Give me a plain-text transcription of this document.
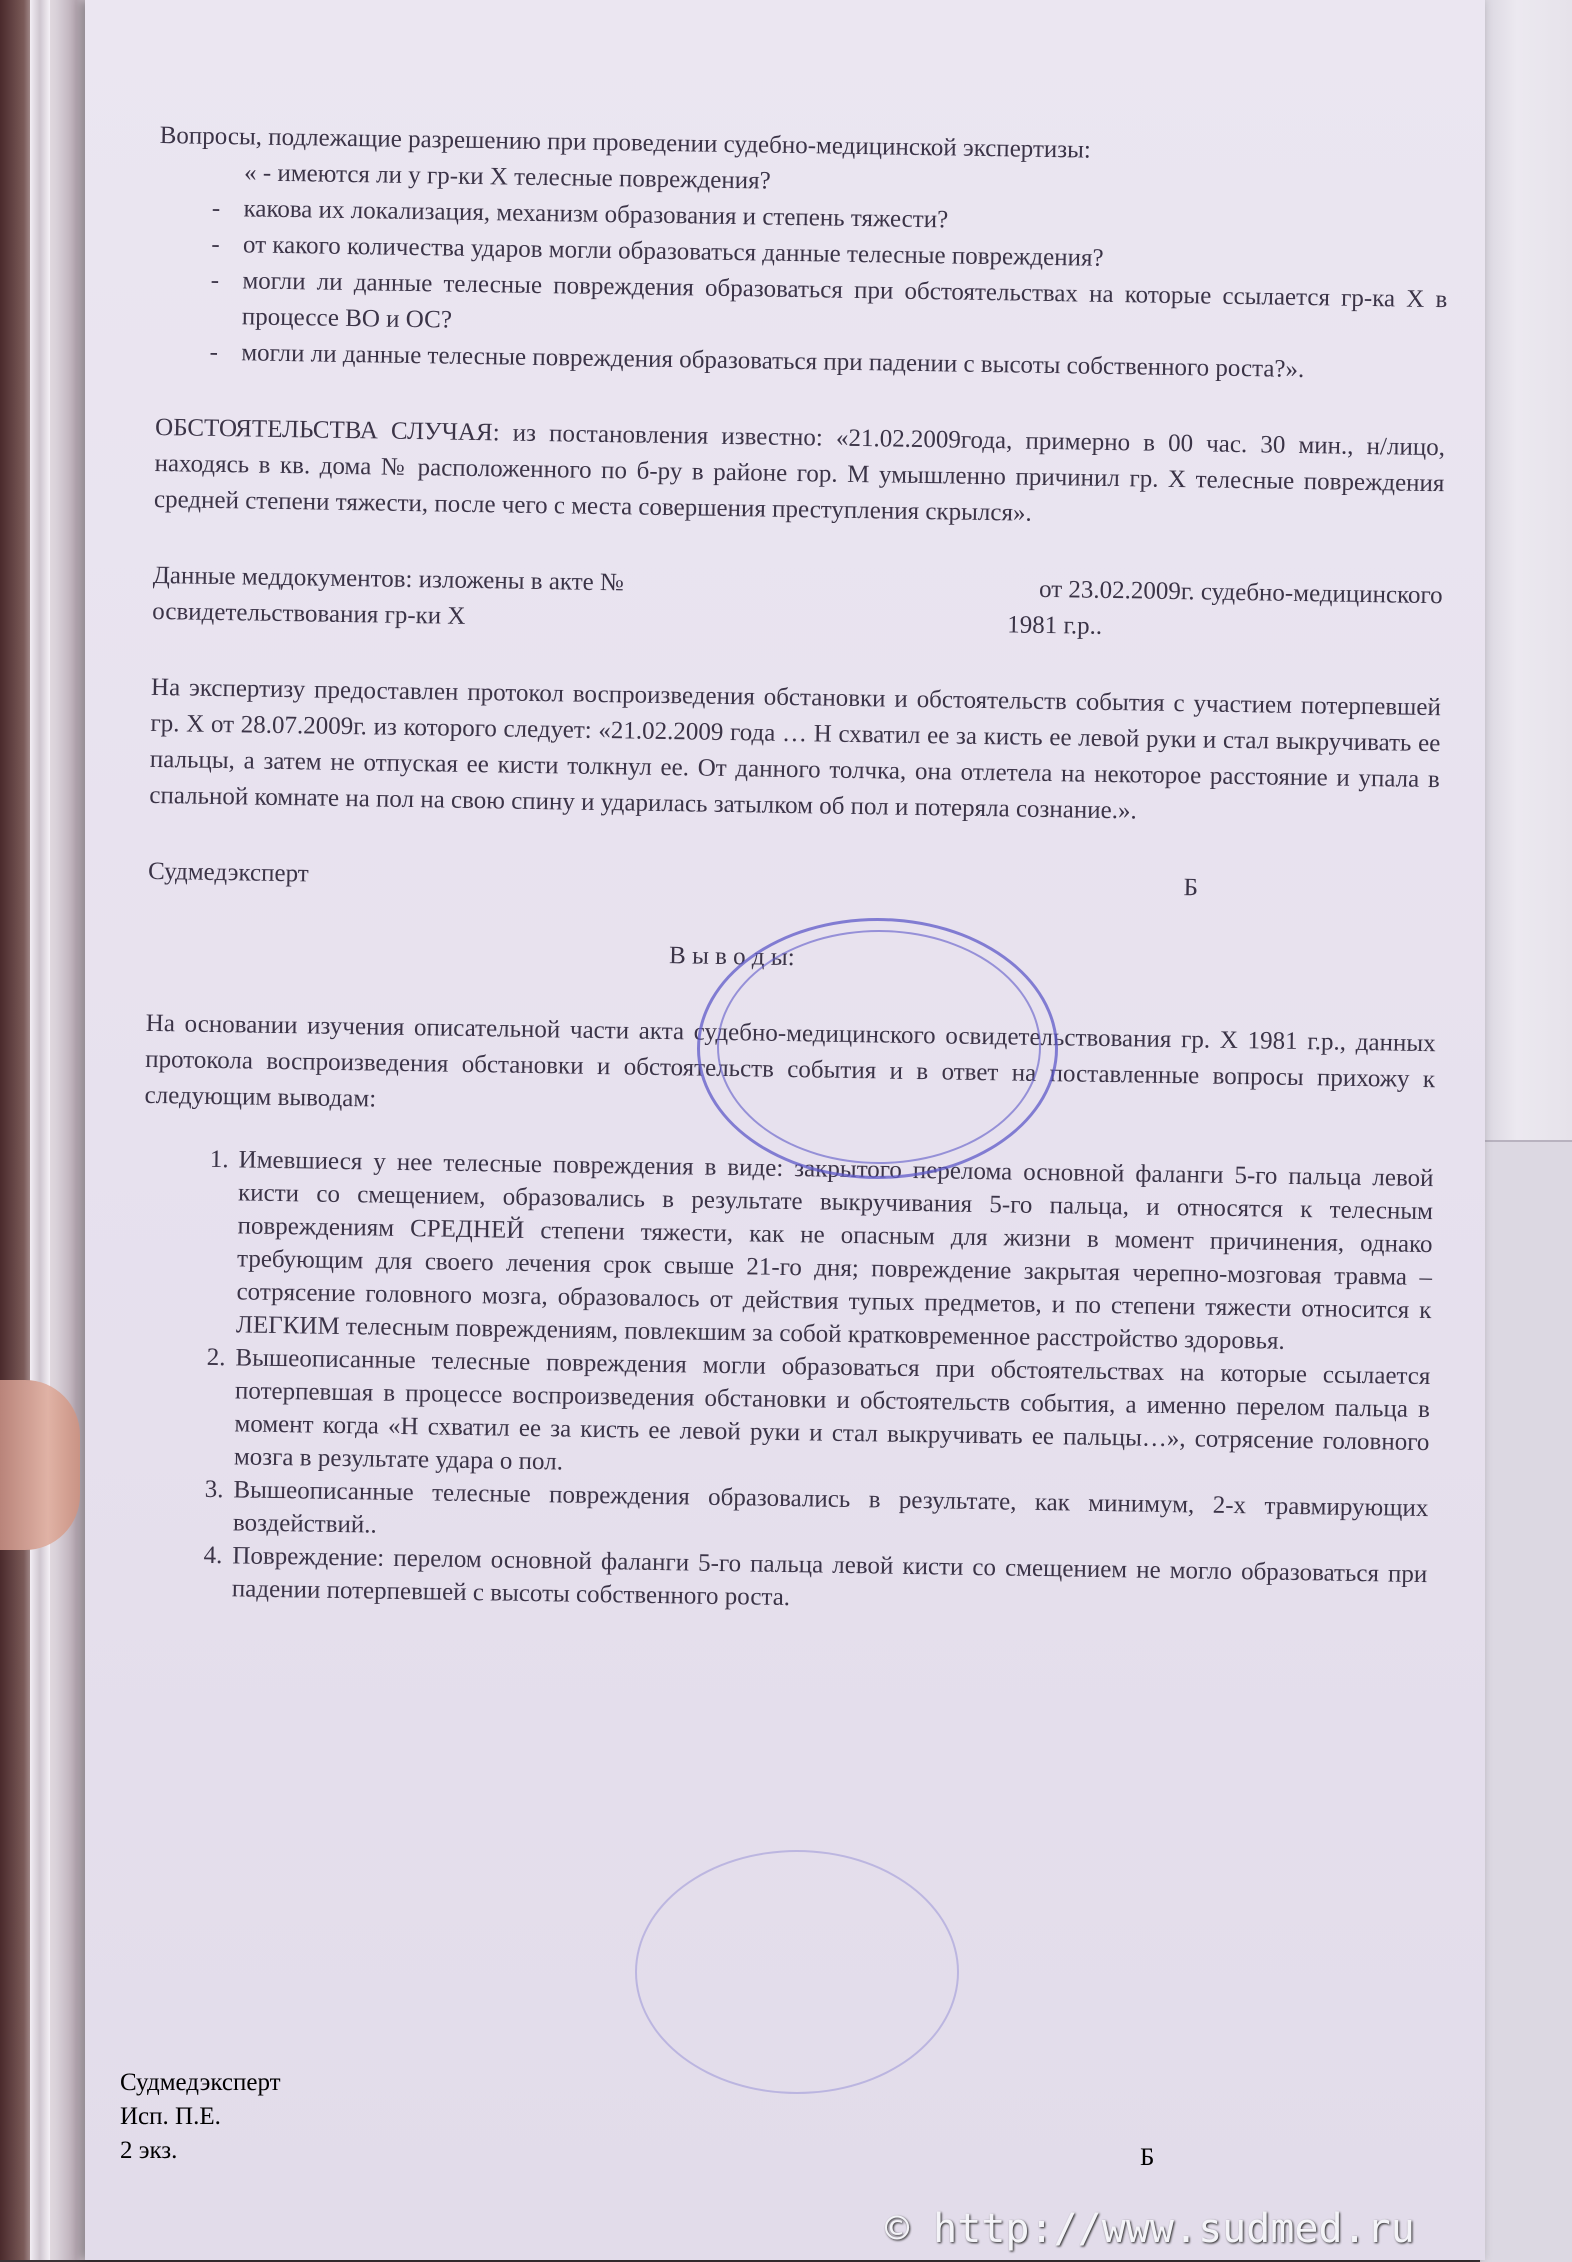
Вопросы, подлежащие разрешению при проведении судебно-медицинской экспертизы:

« - имеются ли у гр-ки Х телесные повреждения?
- какова их локализация, механизм образования и степень тяжести?
- от какого количества ударов могли образоваться данные телесные повреждения?
- могли ли данные телесные повреждения образоваться при обстоятельствах на которые ссылается гр-ка Х в процессе ВО и ОС?
- могли ли данные телесные повреждения образоваться при падении с высоты собственного роста?».

ОБСТОЯТЕЛЬСТВА СЛУЧАЯ: из постановления известно: «21.02.2009года, примерно в 00 час. 30 мин., н/лицо, находясь в кв. дома № расположенного по б-ру в районе гор. М умышленно причинил гр. Х телесные повреждения средней степени тяжести, после чего с места совершения преступления скрылся».

Данные меддокументов: изложены в акте №	от 23.02.2009г. судебно-медицинского
освидетельствования гр-ки Х	1981 г.р..

На экспертизу предоставлен протокол воспроизведения обстановки и обстоятельств события с участием потерпевшей гр. Х от 28.07.2009г. из которого следует: «21.02.2009 года … Н схватил ее за кисть ее левой руки и стал выкручивать ее пальцы, а затем не отпуская ее кисти толкнул ее. От данного толчка, она отлетела на некоторое расстояние и упала в спальной комнате на пол на свою спину и ударилась затылком об пол и потеряла сознание.».

Судмедэксперт
Б

В ы в о д ы:

На основании изучения описательной части акта судебно-медицинского освидетельствования гр. Х 1981 г.р., данных протокола воспроизведения обстановки и обстоятельств события и в ответ на поставленные вопросы прихожу к следующим выводам:

1. Имевшиеся у нее телесные повреждения в виде: закрытого перелома основной фаланги 5-го пальца левой кисти со смещением, образовались в результате выкручивания 5-го пальца, и относятся к телесным повреждениям СРЕДНЕЙ степени тяжести, как не опасным для жизни в момент причинения, однако требующим для своего лечения срок свыше 21-го дня; повреждение закрытая черепно-мозговая травма – сотрясение головного мозга, образовалось от действия тупых предметов, и по степени тяжести относится к ЛЕГКИМ телесным повреждениям, повлекшим за собой кратковременное расстройство здоровья.
2. Вышеописанные телесные повреждения могли образоваться при обстоятельствах на которые ссылается потерпевшая в процессе воспроизведения обстановки и обстоятельств события, а именно перелом пальца в момент когда «Н схватил ее за кисть ее левой руки и стал выкручивать ее пальцы…», сотрясение головного мозга в результате удара о пол.
3. Вышеописанные телесные повреждения образовались в результате, как минимум, 2-х травмирующих воздействий..
4. Повреждение: перелом основной фаланги 5-го пальца левой кисти со смещением не могло образоваться при падении потерпевшей с высоты собственного роста.
Судмедэксперт
Исп. П.Е.
2 экз.	Б
© http://www.sudmed.ru
